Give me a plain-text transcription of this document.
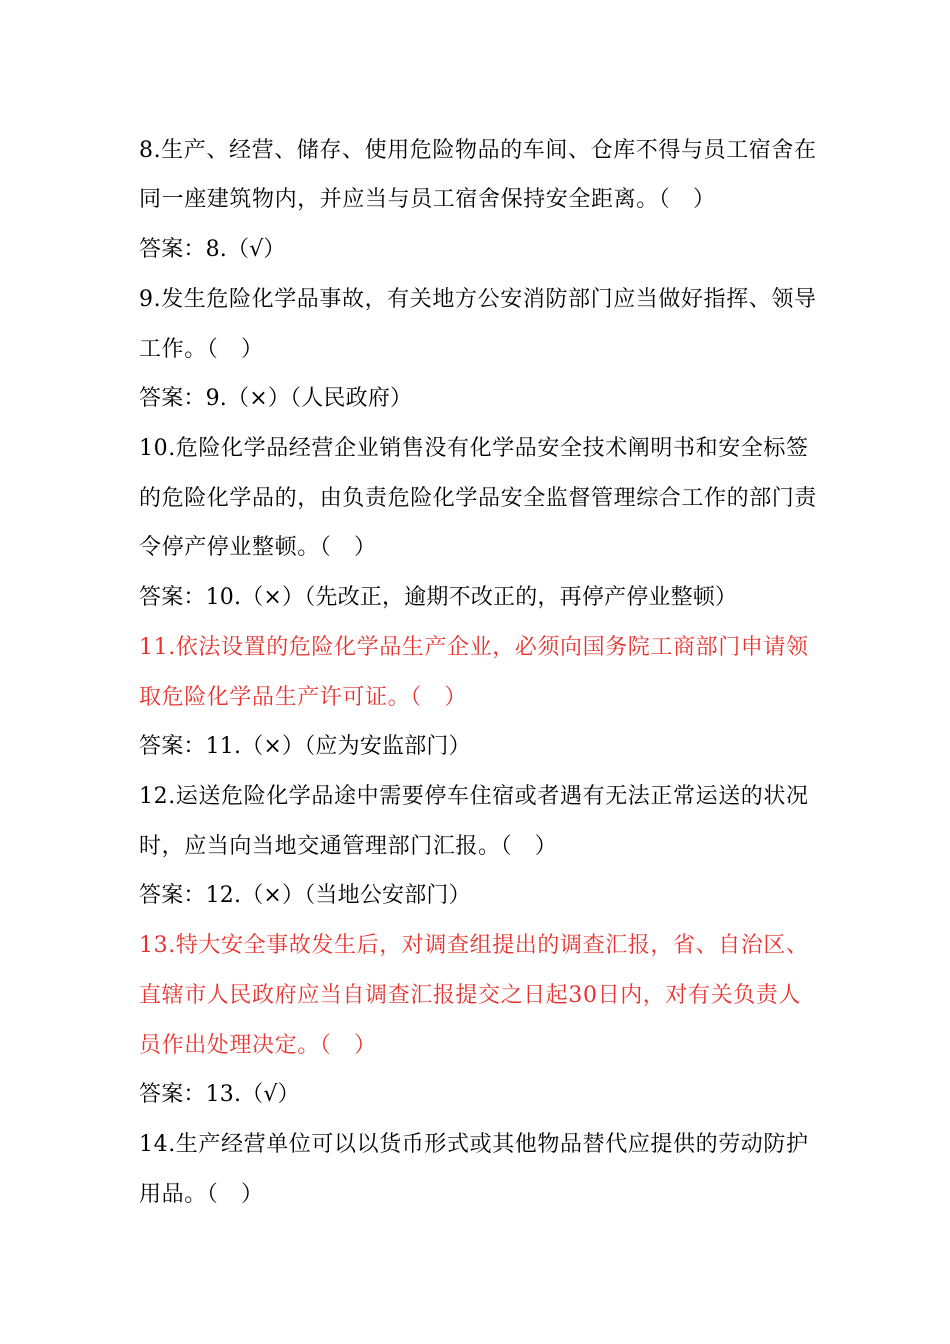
8.生产、经营、储存、使用危险物品的车间、仓库不得与员工宿舍在
同一座建筑物内，并应当与员工宿舍保持安全距离。（　）
答案：8.（√）
9.发生危险化学品事故，有关地方公安消防部门应当做好指挥、领导
工作。（　）
答案：9.（×）（人民政府）
10.危险化学品经营企业销售没有化学品安全技术阐明书和安全标签
的危险化学品的，由负责危险化学品安全监督管理综合工作的部门责
令停产停业整顿。（　）
答案：10.（×）（先改正，逾期不改正的，再停产停业整顿）
11.依法设置的危险化学品生产企业，必须向国务院工商部门申请领
取危险化学品生产许可证。（　）
答案：11.（×）（应为安监部门）
12.运送危险化学品途中需要停车住宿或者遇有无法正常运送的状况
时，应当向当地交通管理部门汇报。（　）
答案：12.（×）（当地公安部门）
13.特大安全事故发生后，对调查组提出的调查汇报，省、自治区、
直辖市人民政府应当自调查汇报提交之日起30日内，对有关负责人
员作出处理决定。（　）
答案：13.（√）
14.生产经营单位可以以货币形式或其他物品替代应提供的劳动防护
用品。（　）
